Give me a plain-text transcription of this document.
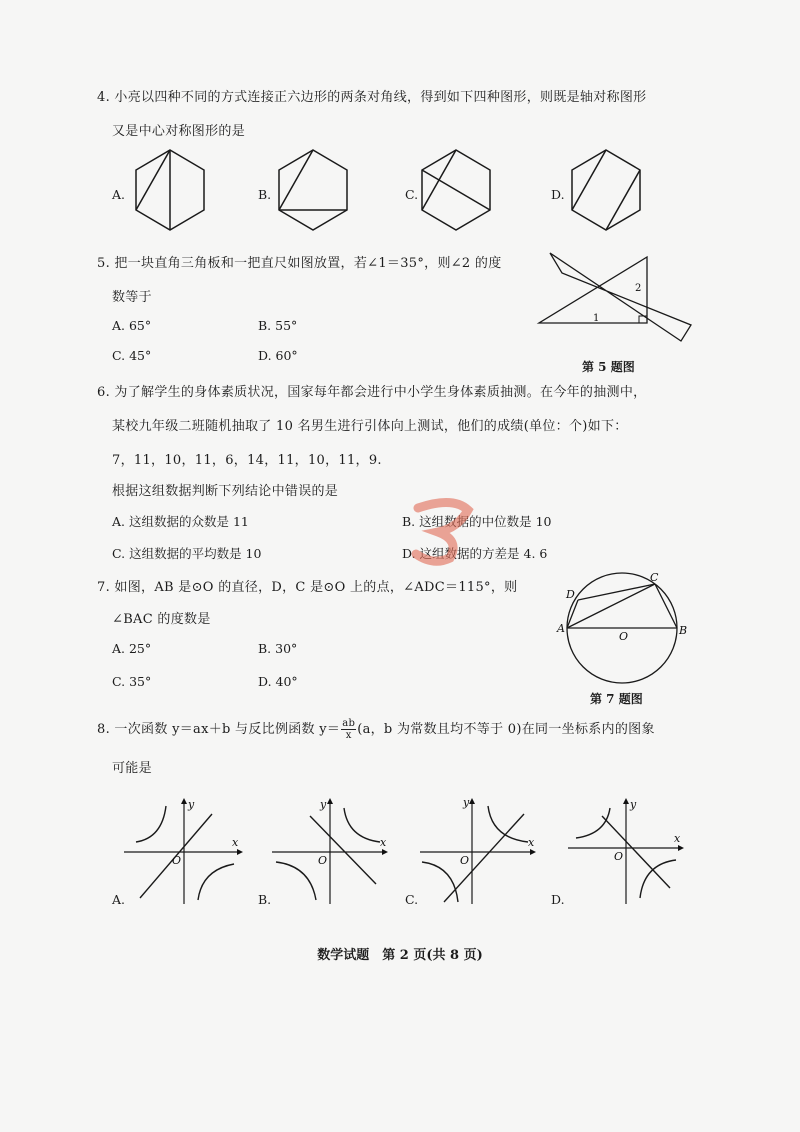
4. 小亮以四种不同的方式连接正六边形的两条对角线，得到如下四种图形，则既是轴对称图形
又是中心对称图形的是
A.	B.	C.	D.
5. 把一块直角三角板和一把直尺如图放置，若∠1＝35°，则∠2 的度
数等于
A. 65°	B. 55°
C. 45°	D. 60°
1
2
第 5 题图
6. 为了解学生的身体素质状况，国家每年都会进行中小学生身体素质抽测。在今年的抽测中，
某校九年级二班随机抽取了 10 名男生进行引体向上测试，他们的成绩(单位：个)如下：
7，11，10，11，6，14，11，10，11，9.
根据这组数据判断下列结论中错误的是
A. 这组数据的众数是 11	B. 这组数据的中位数是 10
C. 这组数据的平均数是 10	D. 这组数据的方差是 4. 6
7. 如图，AB 是⊙O 的直径，D，C 是⊙O 上的点，∠ADC＝115°，则
∠BAC 的度数是
A. 25°	B. 30°
C. 35°	D. 40°
A	B
C
D
O
第 7 题图
8. 一次函数 y＝ax＋b 与反比例函数 $y= \frac{ab}{x} (a$，b 为常数且均不等于 0)在同一坐标系内的图象
可能是
y
x
O
A.
y
x
O
B.
y
x
O
C.
y
x
O
D.
数学试题　第 2 页(共 8 页)
